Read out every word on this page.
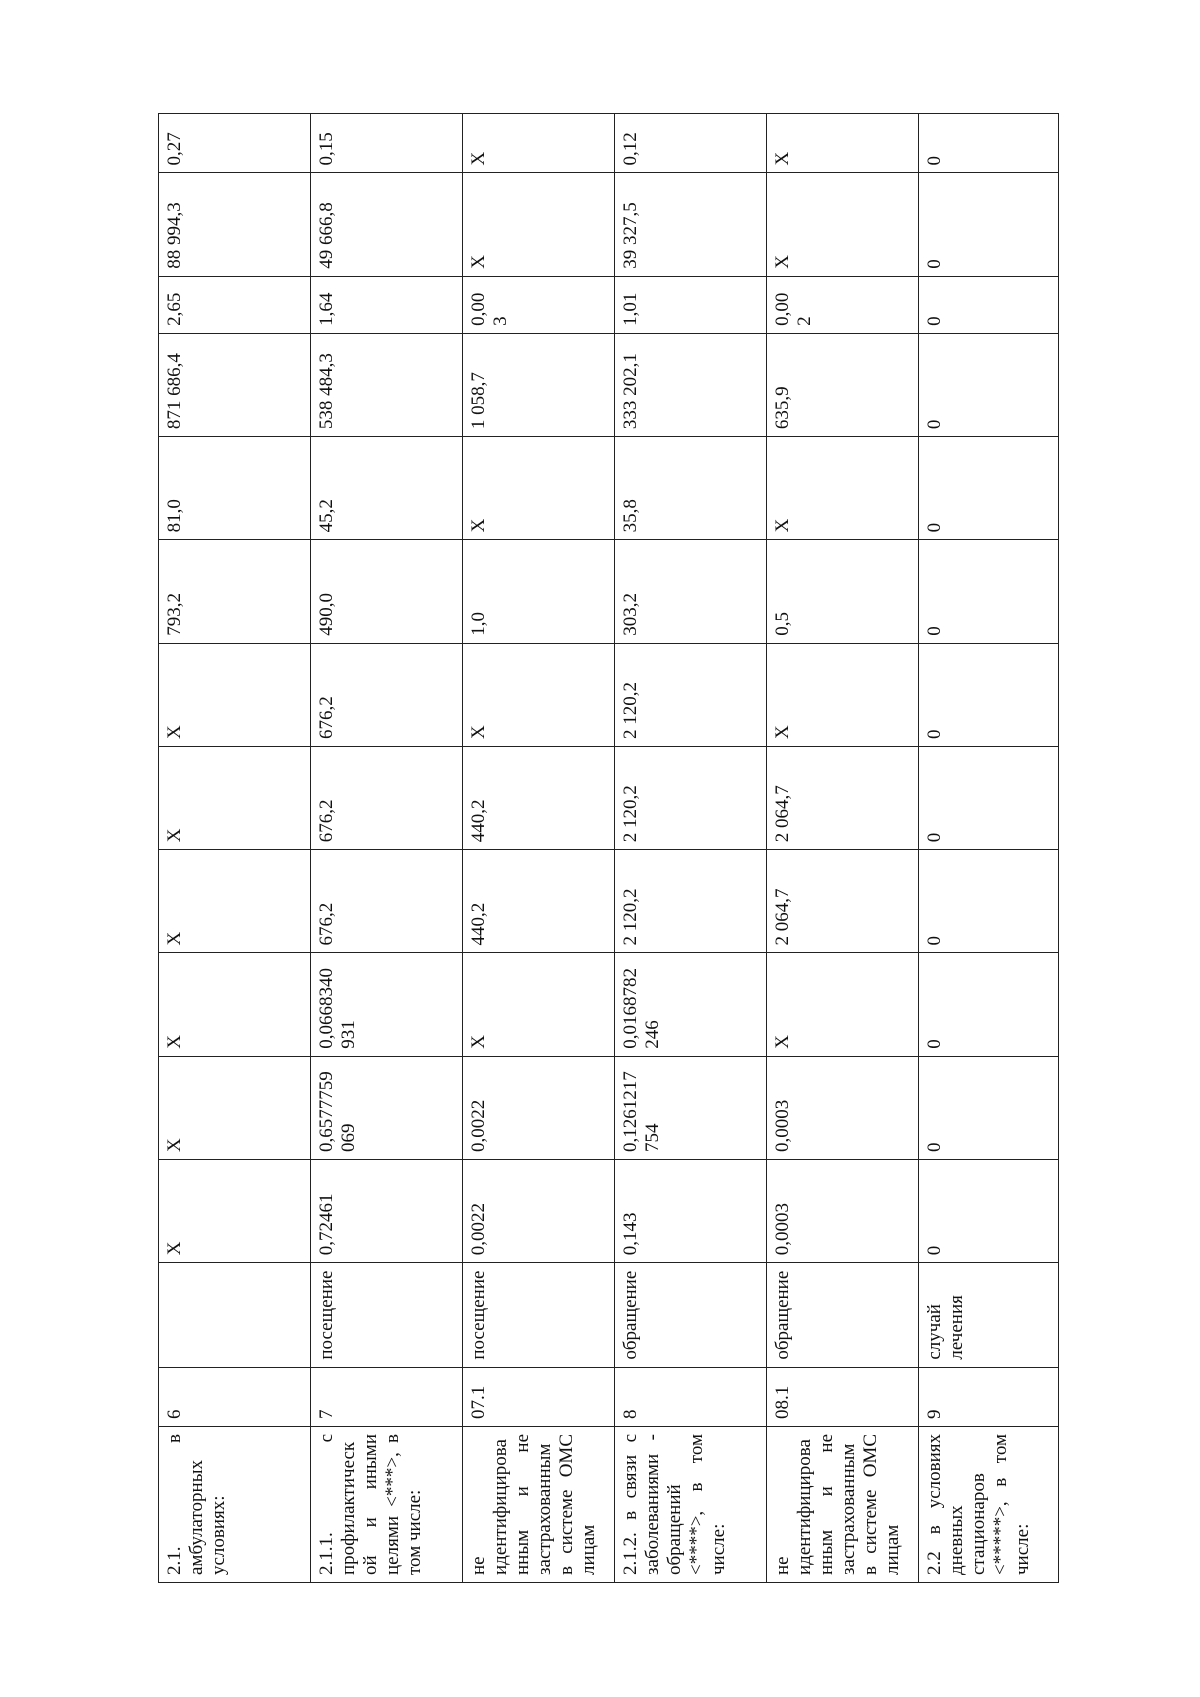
2.1. в амбулаторных условиях:	6		Х	Х	Х	Х	Х	Х	793,2	81,0	871 686,4	2,65	88 994,3	0,27
2.1.1. с профилактической и иными целями <***>, в том числе:	7	посещение	0,72461	0,6577759069	0,0668340931	676,2	676,2	676,2	490,0	45,2	538 484,3	1,64	49 666,8	0,15
не идентифицированным и не застрахованным в системе ОМС лицам	07.1	посещение	0,0022	0,0022	Х	440,2	440,2	Х	1,0	Х	1 058,7	0,003	Х	Х
2.1.2. в связи с заболеваниями - обращений <****>, в том числе:	8	обращение	0,143	0,1261217754	0,0168782246	2 120,2	2 120,2	2 120,2	303,2	35,8	333 202,1	1,01	39 327,5	0,12
не идентифицированным и не застрахованным в системе ОМС лицам	08.1	обращение	0,0003	0,0003	Х	2 064,7	2 064,7	Х	0,5	Х	635,9	0,002	Х	Х
2.2 в условиях дневных стационаров <*****>, в том числе:	9	случай лечения	0	0	0	0	0	0	0	0	0	0	0	0
